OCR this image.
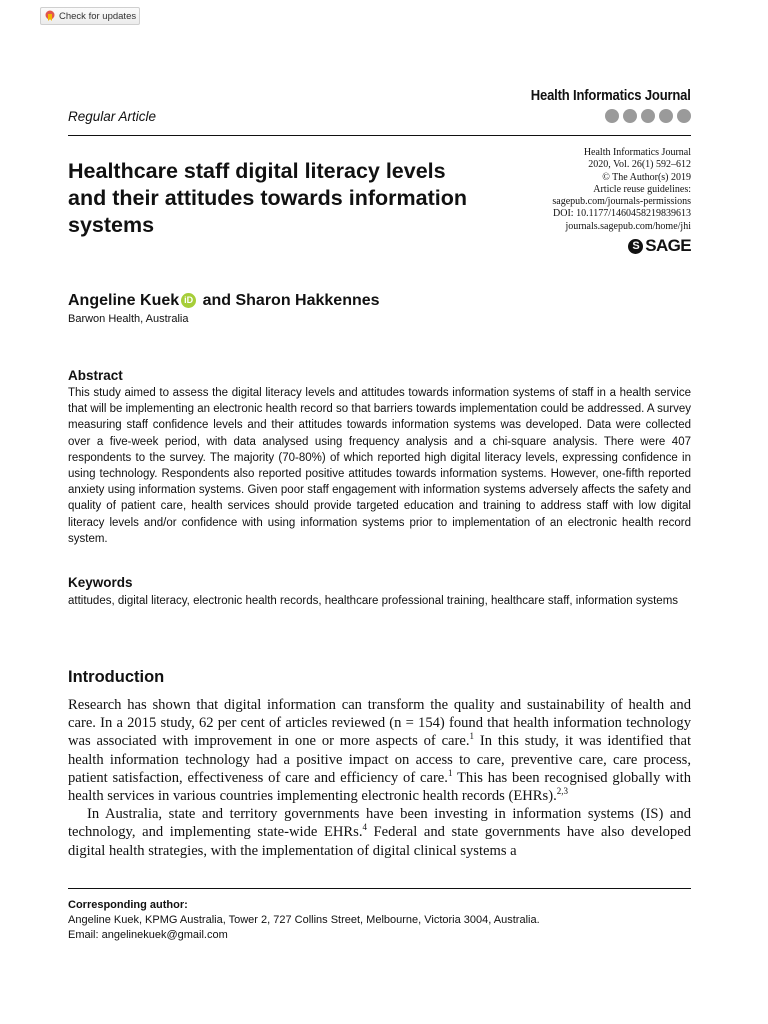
Check for updates
Health Informatics Journal
Regular Article
Healthcare staff digital literacy levels and their attitudes towards information systems
Health Informatics Journal
2020, Vol. 26(1) 592–612
© The Author(s) 2019
Article reuse guidelines:
sagepub.com/journals-permissions
DOI: 10.1177/1460458219839613
journals.sagepub.com/home/jhi
S SAGE
Angeline Kuek iD and Sharon Hakkennes
Barwon Health, Australia
Abstract

This study aimed to assess the digital literacy levels and attitudes towards information systems of staff in a health service that will be implementing an electronic health record so that barriers towards implementation could be addressed. A survey measuring staff confidence levels and their attitudes towards information systems was developed. Data were collected over a five-week period, with data analysed using frequency analysis and a chi-square analysis. There were 407 respondents to the survey. The majority (70-80%) of which reported high digital literacy levels, expressing confidence in using technology. Respondents also reported positive attitudes towards information systems. However, one-fifth reported anxiety using information systems. Given poor staff engagement with information systems adversely affects the safety and quality of patient care, health services should provide targeted education and training to address staff with low digital literacy levels and/or confidence with using information systems prior to implementation of an electronic health record system.

Keywords

attitudes, digital literacy, electronic health records, healthcare professional training, healthcare staff, information systems

Introduction

Research has shown that digital information can transform the quality and sustainability of health and care. In a 2015 study, 62 per cent of articles reviewed (n = 154) found that health information technology was associated with improvement in one or more aspects of care.$^1$ In this study, it was identified that health information technology had a positive impact on access to care, preventive care, care process, patient satisfaction, effectiveness of care and efficiency of care.$^1$ This has been recognised globally with health services in various countries implementing electronic health records (EHRs).$^{2,3}$

In Australia, state and territory governments have been investing in information systems (IS) and technology, and implementing state-wide EHRs.$^4$ Federal and state governments have also developed digital health strategies, with the implementation of digital clinical systems a

Corresponding author:
Angeline Kuek, KPMG Australia, Tower 2, 727 Collins Street, Melbourne, Victoria 3004, Australia.
Email: angelinekuek@gmail.com
